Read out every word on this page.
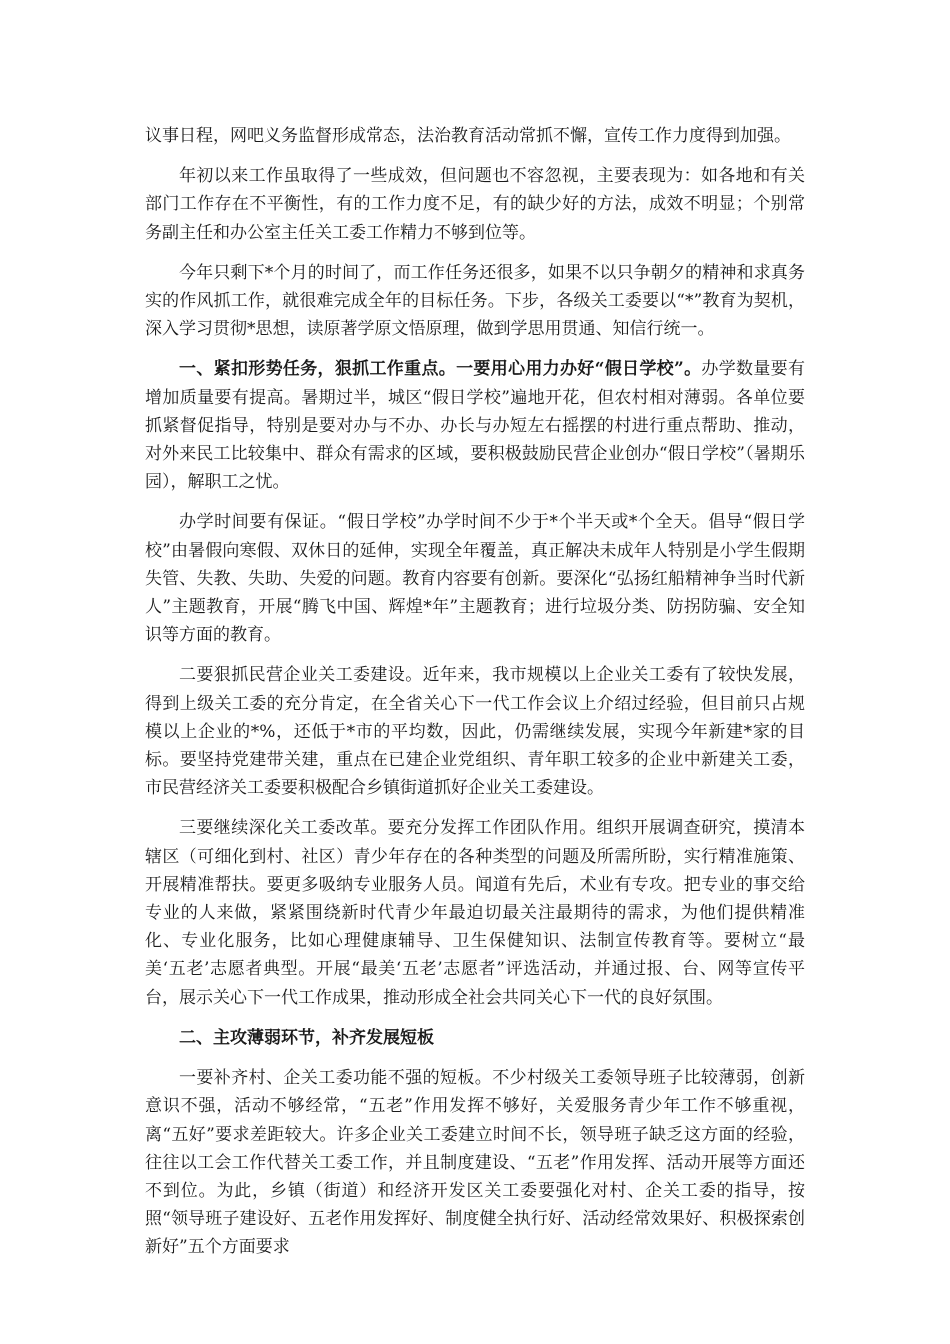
议事日程，网吧义务监督形成常态，法治教育活动常抓不懈，宣传工作力度得到加强。

年初以来工作虽取得了一些成效，但问题也不容忽视，主要表现为：如各地和有关部门工作存在不平衡性，有的工作力度不足，有的缺少好的方法，成效不明显；个别常务副主任和办公室主任关工委工作精力不够到位等。

今年只剩下*个月的时间了，而工作任务还很多，如果不以只争朝夕的精神和求真务实的作风抓工作，就很难完成全年的目标任务。下步，各级关工委要以“*”教育为契机，深入学习贯彻*思想，读原著学原文悟原理，做到学思用贯通、知信行统一。

一、紧扣形势任务，狠抓工作重点。一要用心用力办好“假日学校”。办学数量要有增加质量要有提高。暑期过半，城区“假日学校”遍地开花，但农村相对薄弱。各单位要抓紧督促指导，特别是要对办与不办、办长与办短左右摇摆的村进行重点帮助、推动，对外来民工比较集中、群众有需求的区域，要积极鼓励民营企业创办“假日学校”（暑期乐园），解职工之忧。

办学时间要有保证。“假日学校”办学时间不少于*个半天或*个全天。倡导“假日学校”由暑假向寒假、双休日的延伸，实现全年覆盖，真正解决未成年人特别是小学生假期失管、失教、失助、失爱的问题。教育内容要有创新。要深化“弘扬红船精神争当时代新人”主题教育，开展“腾飞中国、辉煌*年”主题教育；进行垃圾分类、防拐防骗、安全知识等方面的教育。

二要狠抓民营企业关工委建设。近年来，我市规模以上企业关工委有了较快发展，得到上级关工委的充分肯定，在全省关心下一代工作会议上介绍过经验，但目前只占规模以上企业的*%，还低于*市的平均数，因此，仍需继续发展，实现今年新建*家的目标。要坚持党建带关建，重点在已建企业党组织、青年职工较多的企业中新建关工委，市民营经济关工委要积极配合乡镇街道抓好企业关工委建设。

三要继续深化关工委改革。要充分发挥工作团队作用。组织开展调查研究，摸清本辖区（可细化到村、社区）青少年存在的各种类型的问题及所需所盼，实行精准施策、开展精准帮扶。要更多吸纳专业服务人员。闻道有先后，术业有专攻。把专业的事交给专业的人来做，紧紧围绕新时代青少年最迫切最关注最期待的需求，为他们提供精准化、专业化服务，比如心理健康辅导、卫生保健知识、法制宣传教育等。要树立“最美‘五老’志愿者典型。开展“最美‘五老’志愿者”评选活动，并通过报、台、网等宣传平台，展示关心下一代工作成果，推动形成全社会共同关心下一代的良好氛围。

二、主攻薄弱环节，补齐发展短板

一要补齐村、企关工委功能不强的短板。不少村级关工委领导班子比较薄弱，创新意识不强，活动不够经常，“五老”作用发挥不够好，关爱服务青少年工作不够重视，离“五好”要求差距较大。许多企业关工委建立时间不长，领导班子缺乏这方面的经验，往往以工会工作代替关工委工作，并且制度建设、“五老”作用发挥、活动开展等方面还不到位。为此，乡镇（街道）和经济开发区关工委要强化对村、企关工委的指导，按照“领导班子建设好、五老作用发挥好、制度健全执行好、活动经常效果好、积极探索创新好”五个方面要求
